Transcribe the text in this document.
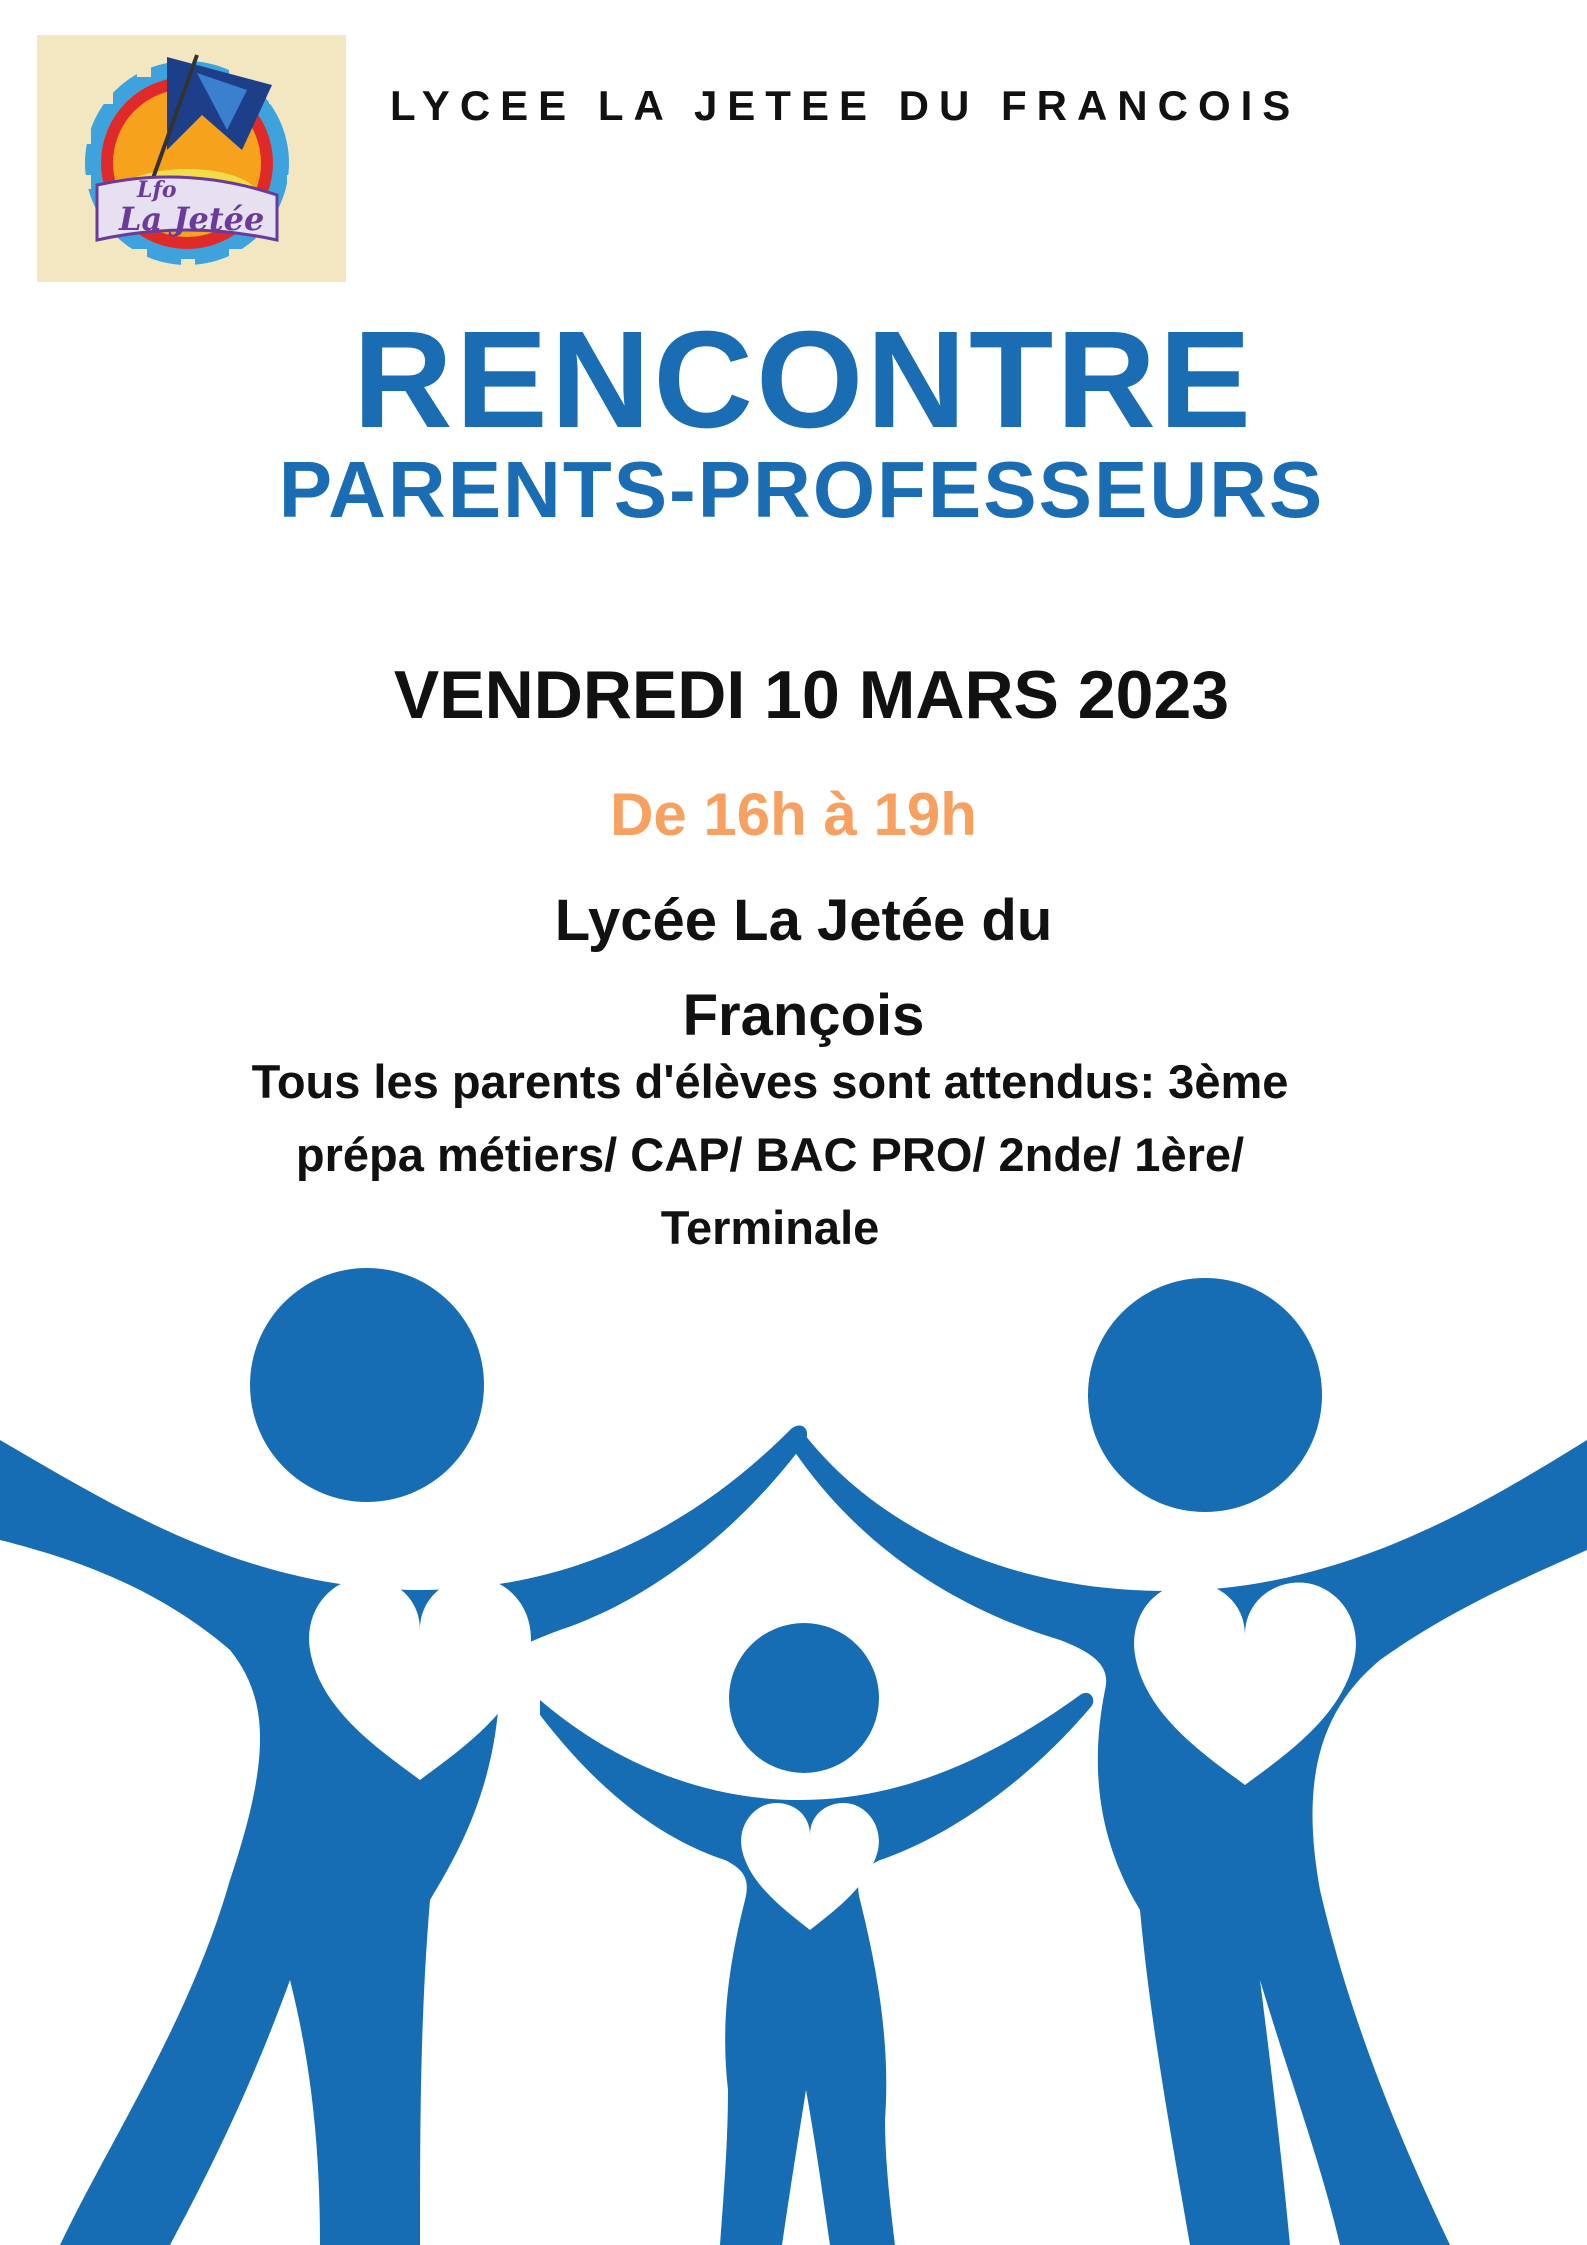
Lfo
La Jetée
LYCEE LA JETEE DU FRANCOIS
RENCONTRE
PARENTS-PROFESSEURS
VENDREDI 10 MARS 2023
De 16h à 19h
Lycée La Jetée du
François
Tous les parents d'élèves sont attendus: 3ème
prépa métiers/ CAP/ BAC PRO/ 2nde/ 1ère/
Terminale
